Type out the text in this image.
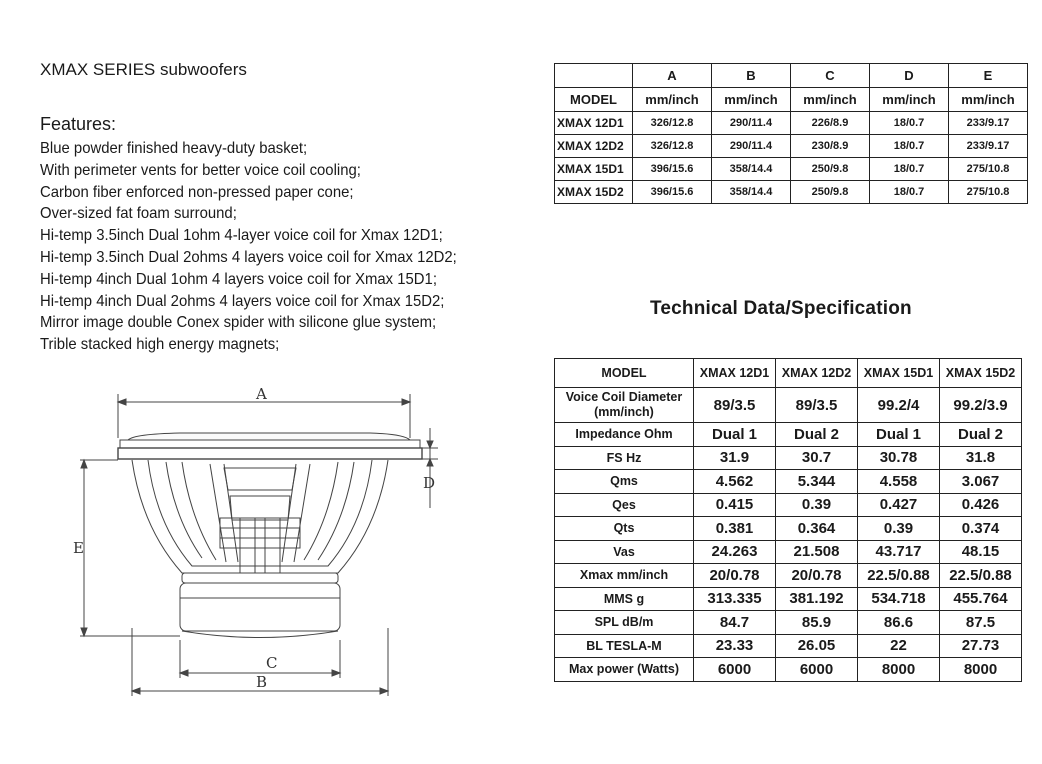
XMAX SERIES subwoofers
Features:
Blue powder finished heavy-duty basket;
With perimeter vents for better voice coil cooling;
Carbon fiber enforced non-pressed paper cone;
Over-sized fat foam surround;
Hi-temp 3.5inch Dual 1ohm 4-layer voice coil for Xmax 12D1;
Hi-temp 3.5inch Dual 2ohms 4 layers voice coil for Xmax 12D2;
Hi-temp 4inch Dual 1ohm 4 layers voice coil for Xmax 15D1;
Hi-temp 4inch Dual 2ohms 4 layers voice coil for Xmax 15D2;
Mirror image double Conex spider with silicone glue system;
Trible stacked high energy magnets;
	A	B	C	D	E
MODEL	mm/inch	mm/inch	mm/inch	mm/inch	mm/inch
XMAX 12D1	326/12.8	290/11.4	226/8.9	18/0.7	233/9.17
XMAX 12D2	326/12.8	290/11.4	230/8.9	18/0.7	233/9.17
XMAX 15D1	396/15.6	358/14.4	250/9.8	18/0.7	275/10.8
XMAX 15D2	396/15.6	358/14.4	250/9.8	18/0.7	275/10.8
Technical Data/Specification
MODEL	XMAX 12D1	XMAX 12D2	XMAX 15D1	XMAX 15D2
Voice Coil Diameter
(mm/inch)	89/3.5	89/3.5	99.2/4	99.2/3.9
Impedance Ohm	Dual 1	Dual 2	Dual 1	Dual 2
FS Hz	31.9	30.7	30.78	31.8
Qms	4.562	5.344	4.558	3.067
Qes	0.415	0.39	0.427	0.426
Qts	0.381	0.364	0.39	0.374
Vas	24.263	21.508	43.717	48.15
Xmax mm/inch	20/0.78	20/0.78	22.5/0.88	22.5/0.88
MMS g	313.335	381.192	534.718	455.764
SPL dB/m	84.7	85.9	86.6	87.5
BL TESLA-M	23.33	26.05	22	27.73
Max power (Watts)	6000	6000	8000	8000
A
D
E
C
B
